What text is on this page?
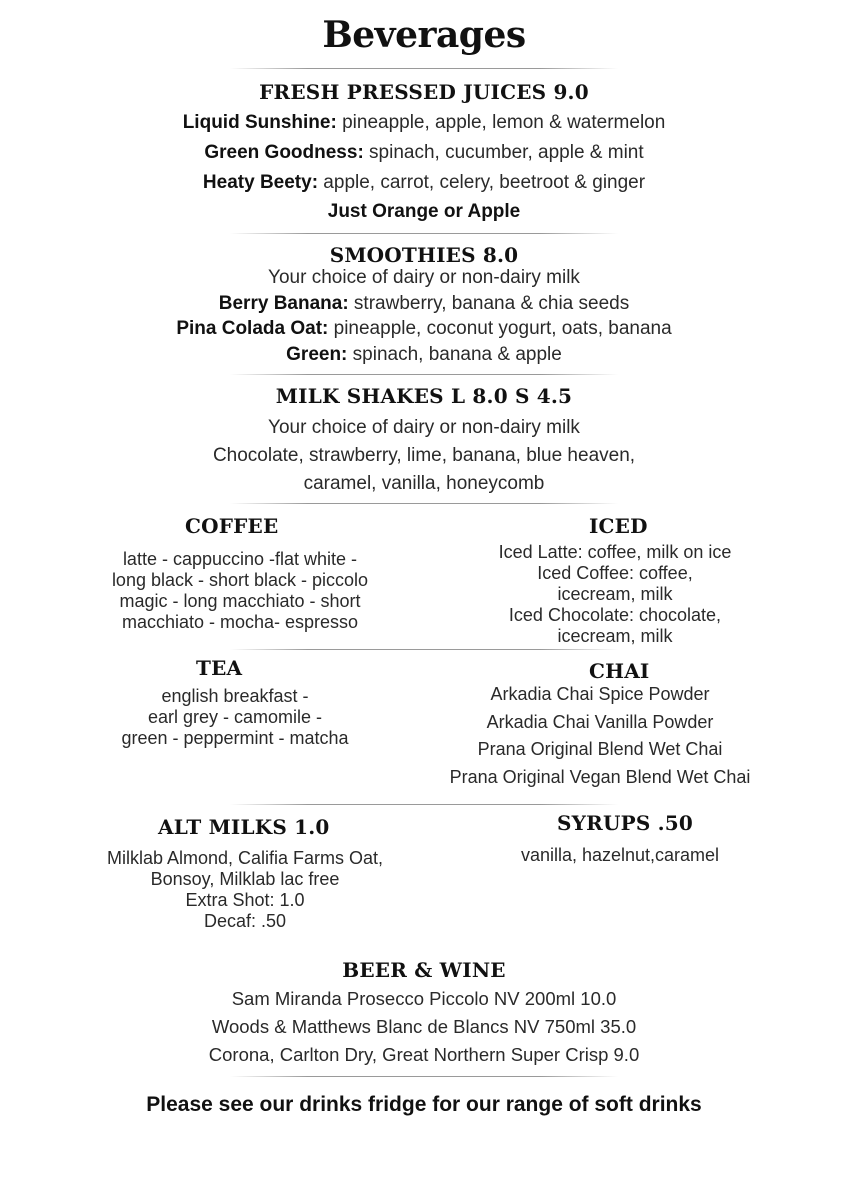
Beverages
FRESH PRESSED JUICES 9.0
Liquid Sunshine: pineapple, apple, lemon & watermelon
Green Goodness: spinach, cucumber, apple & mint
Heaty Beety: apple, carrot, celery, beetroot & ginger
Just Orange or Apple
SMOOTHIES 8.0
Your choice of dairy or non-dairy milk
Berry Banana: strawberry, banana & chia seeds
Pina Colada Oat: pineapple, coconut yogurt, oats, banana
Green: spinach, banana & apple
MILK SHAKES L 8.0 S 4.5
Your choice of dairy or non-dairy milk
Chocolate, strawberry, lime, banana, blue heaven,
caramel, vanilla, honeycomb
COFFEE
latte - cappuccino -flat white -
long black - short black - piccolo
magic - long macchiato - short
macchiato - mocha- espresso
ICED
Iced Latte: coffee, milk on ice
Iced Coffee: coffee,
icecream, milk
Iced Chocolate: chocolate,
icecream, milk
TEA
english breakfast -
earl grey - camomile -
green - peppermint - matcha
CHAI
Arkadia Chai Spice Powder
Arkadia Chai Vanilla Powder
Prana Original Blend Wet Chai
Prana Original Vegan Blend Wet Chai
ALT MILKS 1.0
Milklab Almond, Califia Farms Oat,
Bonsoy, Milklab lac free
Extra Shot: 1.0
Decaf: .50
SYRUPS .50
vanilla, hazelnut,caramel
BEER & WINE
Sam Miranda Prosecco Piccolo NV 200ml 10.0
Woods & Matthews Blanc de Blancs NV 750ml 35.0
Corona, Carlton Dry, Great Northern Super Crisp 9.0
Please see our drinks fridge for our range of soft drinks
